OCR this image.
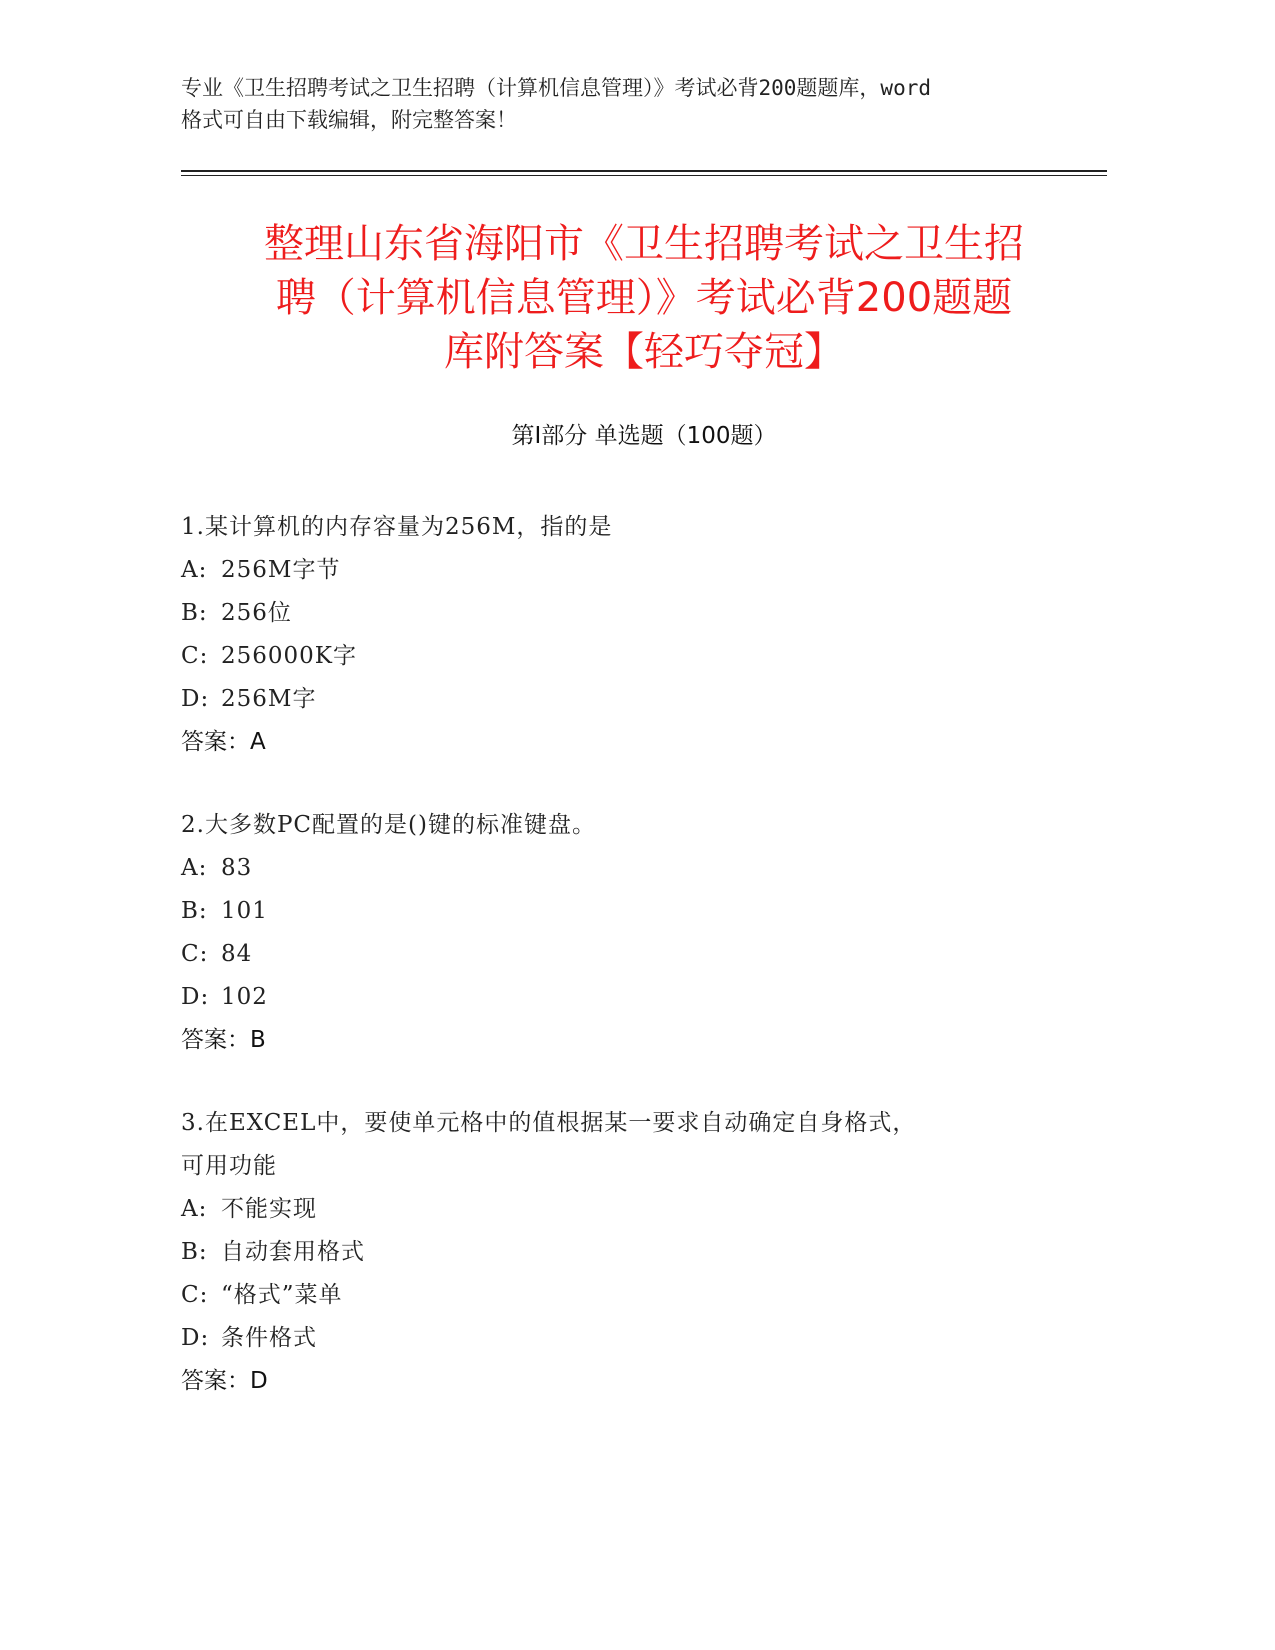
专业《卫生招聘考试之卫生招聘（计算机信息管理）》考试必背200题题库，word
格式可自由下载编辑，附完整答案！
整理山东省海阳市《卫生招聘考试之卫生招
聘（计算机信息管理）》考试必背200题题
库附答案【轻巧夺冠】
第Ⅰ部分 单选题（100题）
1.某计算机的内存容量为256M，指的是
A: 256M字节
B: 256位
C: 256000K字
D: 256M字
答案：A
2.大多数PC配置的是()键的标准键盘。
A: 83
B: 101
C: 84
D: 102
答案：B
3.在EXCEL中，要使单元格中的值根据某一要求自动确定自身格式，
可用功能
A: 不能实现
B: 自动套用格式
C: “格式”菜单
D: 条件格式
答案：D
